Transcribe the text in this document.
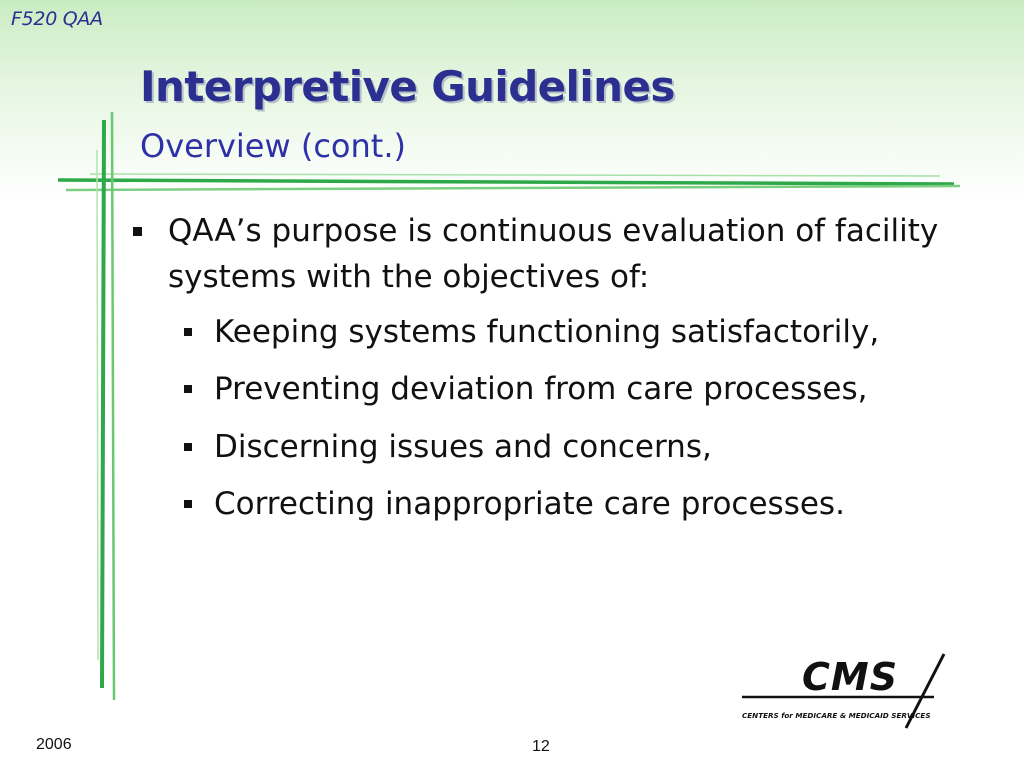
F520 QAA
Interpretive Guidelines
Overview (cont.)
QAA’s purpose is continuous evaluation of facility systems with the objectives of:
Keeping systems functioning satisfactorily,
Preventing deviation from care processes,
Discerning issues and concerns,
Correcting inappropriate care processes.
CMS
CENTERS for MEDICARE & MEDICAID SERVICES
2006	12
